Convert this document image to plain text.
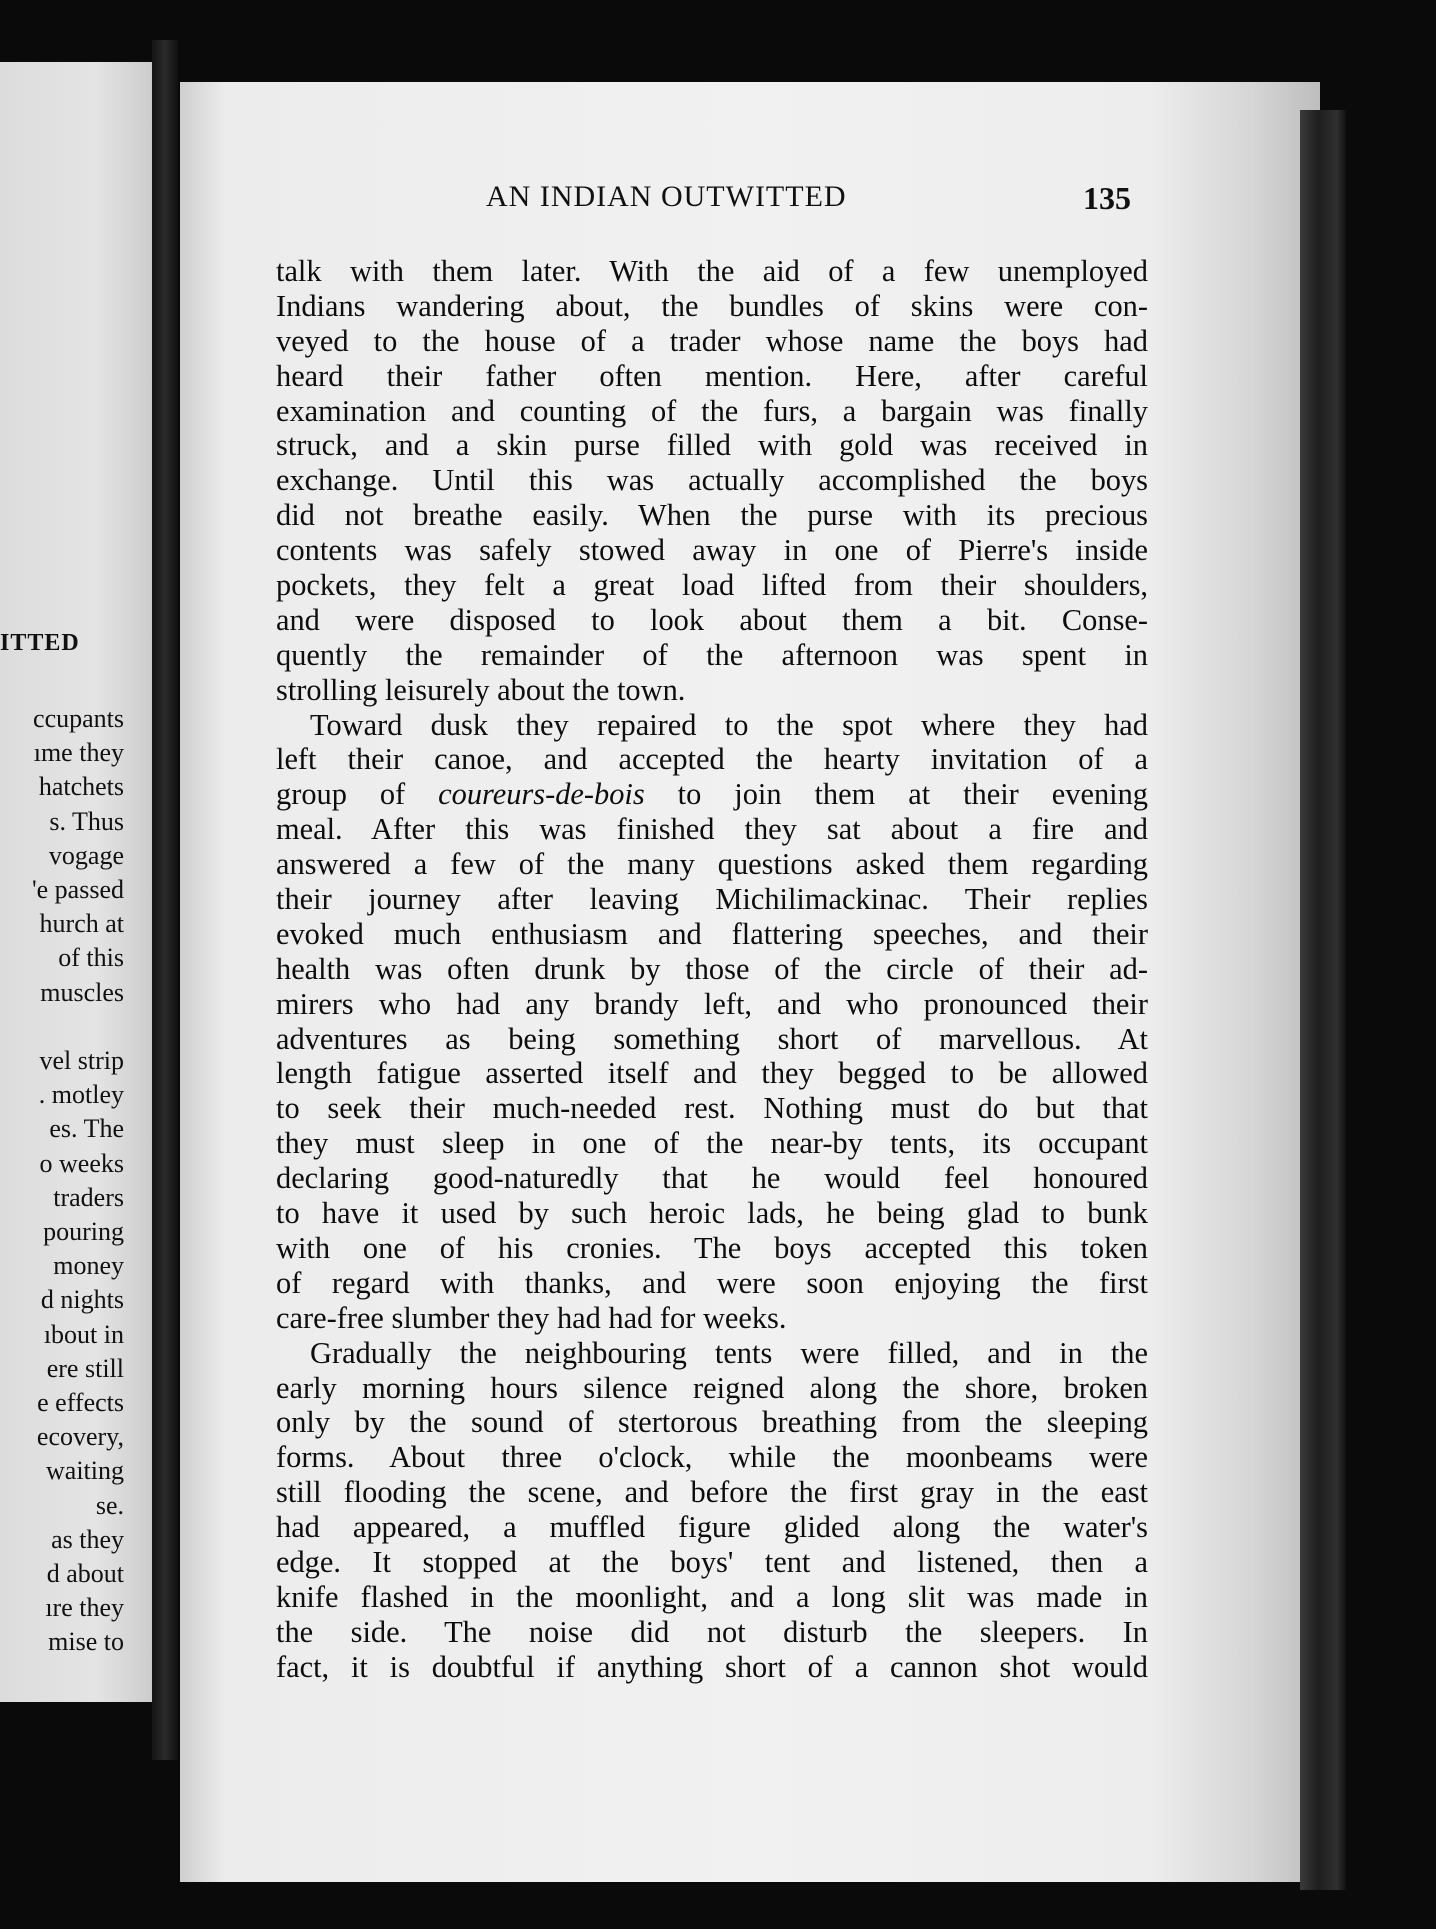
ITTED
ccupants
ıme they
hatchets
s. Thus
vogage
'e passed
hurch at
of this
muscles

vel strip
. motley
es. The
o weeks
traders
pouring
money
d nights
ıbout in
ere still
e effects
ecovery,
waiting
se.
as they
d about
ıre they
mise to
AN INDIAN OUTWITTED	135
talk with them later. With the aid of a few unemployed
Indians wandering about, the bundles of skins were con-
veyed to the house of a trader whose name the boys had
heard their father often mention. Here, after careful
examination and counting of the furs, a bargain was finally
struck, and a skin purse filled with gold was received in
exchange. Until this was actually accomplished the boys
did not breathe easily. When the purse with its precious
contents was safely stowed away in one of Pierre's inside
pockets, they felt a great load lifted from their shoulders,
and were disposed to look about them a bit. Conse-
quently the remainder of the afternoon was spent in
strolling leisurely about the town.
Toward dusk they repaired to the spot where they had
left their canoe, and accepted the hearty invitation of a
group of coureurs-de-bois to join them at their evening
meal. After this was finished they sat about a fire and
answered a few of the many questions asked them regarding
their journey after leaving Michilimackinac. Their replies
evoked much enthusiasm and flattering speeches, and their
health was often drunk by those of the circle of their ad-
mirers who had any brandy left, and who pronounced their
adventures as being something short of marvellous. At
length fatigue asserted itself and they begged to be allowed
to seek their much-needed rest. Nothing must do but that
they must sleep in one of the near-by tents, its occupant
declaring good-naturedly that he would feel honoured
to have it used by such heroic lads, he being glad to bunk
with one of his cronies. The boys accepted this token
of regard with thanks, and were soon enjoying the first
care-free slumber they had had for weeks.
Gradually the neighbouring tents were filled, and in the
early morning hours silence reigned along the shore, broken
only by the sound of stertorous breathing from the sleeping
forms. About three o'clock, while the moonbeams were
still flooding the scene, and before the first gray in the east
had appeared, a muffled figure glided along the water's
edge. It stopped at the boys' tent and listened, then a
knife flashed in the moonlight, and a long slit was made in
the side. The noise did not disturb the sleepers. In
fact, it is doubtful if anything short of a cannon shot would
